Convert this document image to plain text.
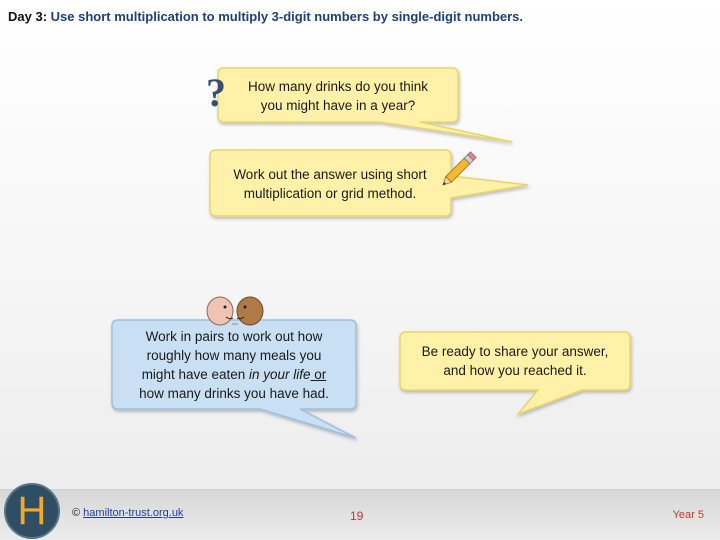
Day 3: Use short multiplication to multiply 3-digit numbers by single-digit numbers.
?	How many drinks do you think
you might have in a year?
Work out the answer using short
multiplication or grid method.
Work in pairs to work out how
roughly how many meals you
might have eaten in your life or
how many drinks you have had.
Be ready to share your answer,
and how you reached it.
H	© hamilton-trust.org.uk	19	Year 5
